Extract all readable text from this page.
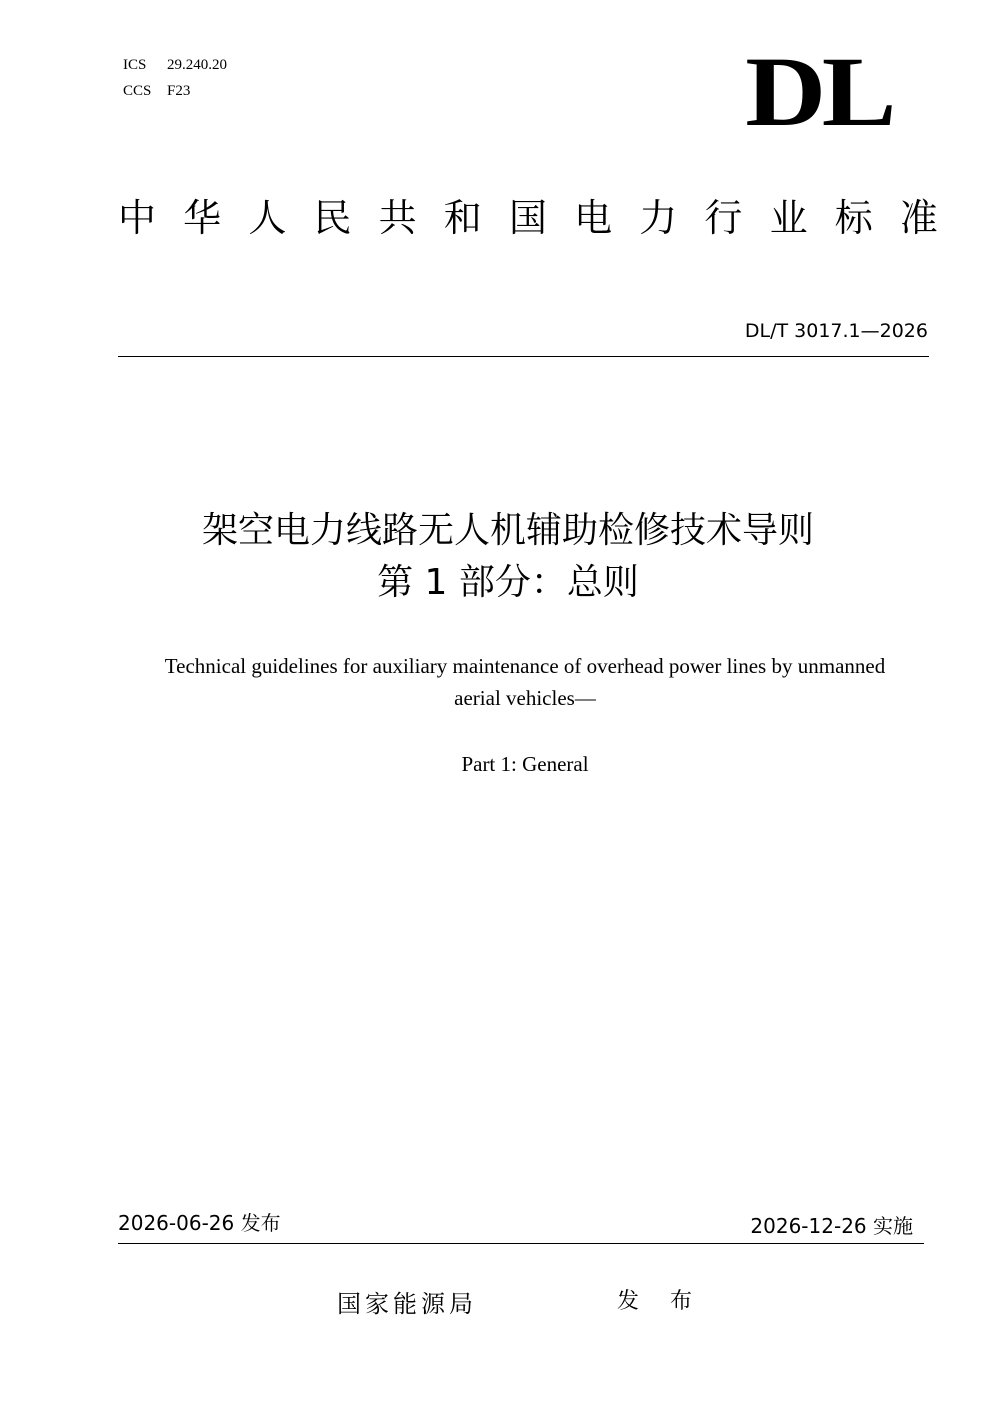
ICS 29.240.20
CCS F23	DL
中 华 人 民 共 和 国 电 力 行 业 标 准
DL/T 3017.1—2026
架空电力线路无人机辅助检修技术导则
第 1 部分：总则
Technical guidelines for auxiliary maintenance of overhead power lines by unmanned
aerial vehicles—
Part 1: General
2026-06-26 发布	2026-12-26 实施
国家能源局	发 布
